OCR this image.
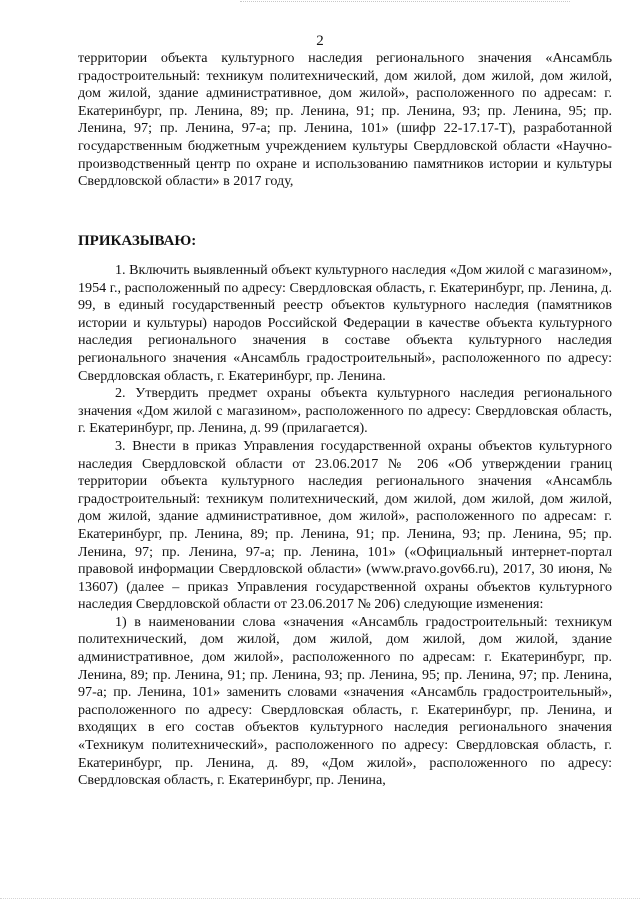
2
территории объекта культурного наследия регионального значения «Ансамбль градостроительный: техникум политехнический, дом жилой, дом жилой, дом жилой, дом жилой, здание административное, дом жилой», расположенного по адресам: г. Екатеринбург, пр. Ленина, 89; пр. Ленина, 91; пр. Ленина, 93; пр. Ленина, 95; пр. Ленина, 97; пр. Ленина, 97-а; пр. Ленина, 101» (шифр 22-17.17-Т), разработанной государственным бюджетным учреждением культуры Свердловской области «Научно-производственный центр по охране и использованию памятников истории и культуры Свердловской области» в 2017 году,
ПРИКАЗЫВАЮ:

1. Включить выявленный объект культурного наследия «Дом жилой с магазином», 1954 г., расположенный по адресу: Свердловская область, г. Екатеринбург, пр. Ленина, д. 99, в единый государственный реестр объектов культурного наследия (памятников истории и культуры) народов Российской Федерации в качестве объекта культурного наследия регионального значения в составе объекта культурного наследия регионального значения «Ансамбль градостроительный», расположенного по адресу: Свердловская область, г. Екатеринбург, пр. Ленина.

2. Утвердить предмет охраны объекта культурного наследия регионального значения «Дом жилой с магазином», расположенного по адресу: Свердловская область, г. Екатеринбург, пр. Ленина, д. 99 (прилагается).

3. Внести в приказ Управления государственной охраны объектов культурного наследия Свердловской области от 23.06.2017 № 206 «Об утверждении границ территории объекта культурного наследия регионального значения «Ансамбль градостроительный: техникум политехнический, дом жилой, дом жилой, дом жилой, дом жилой, здание административное, дом жилой», расположенного по адресам: г. Екатеринбург, пр. Ленина, 89; пр. Ленина, 91; пр. Ленина, 93; пр. Ленина, 95; пр. Ленина, 97; пр. Ленина, 97-а; пр. Ленина, 101» («Официальный интернет-портал правовой информации Свердловской области» (www.pravo.gov66.ru), 2017, 30 июня, № 13607) (далее – приказ Управления государственной охраны объектов культурного наследия Свердловской области от 23.06.2017 № 206) следующие изменения:

1) в наименовании слова «значения «Ансамбль градостроительный: техникум политехнический, дом жилой, дом жилой, дом жилой, дом жилой, здание административное, дом жилой», расположенного по адресам: г. Екатеринбург, пр. Ленина, 89; пр. Ленина, 91; пр. Ленина, 93; пр. Ленина, 95; пр. Ленина, 97; пр. Ленина, 97-а; пр. Ленина, 101» заменить словами «значения «Ансамбль градостроительный», расположенного по адресу: Свердловская область, г. Екатеринбург, пр. Ленина, и входящих в его состав объектов культурного наследия регионального значения «Техникум политехнический», расположенного по адресу: Свердловская область, г. Екатеринбург, пр. Ленина, д. 89, «Дом жилой», расположенного по адресу: Свердловская область, г. Екатеринбург, пр. Ленина,
